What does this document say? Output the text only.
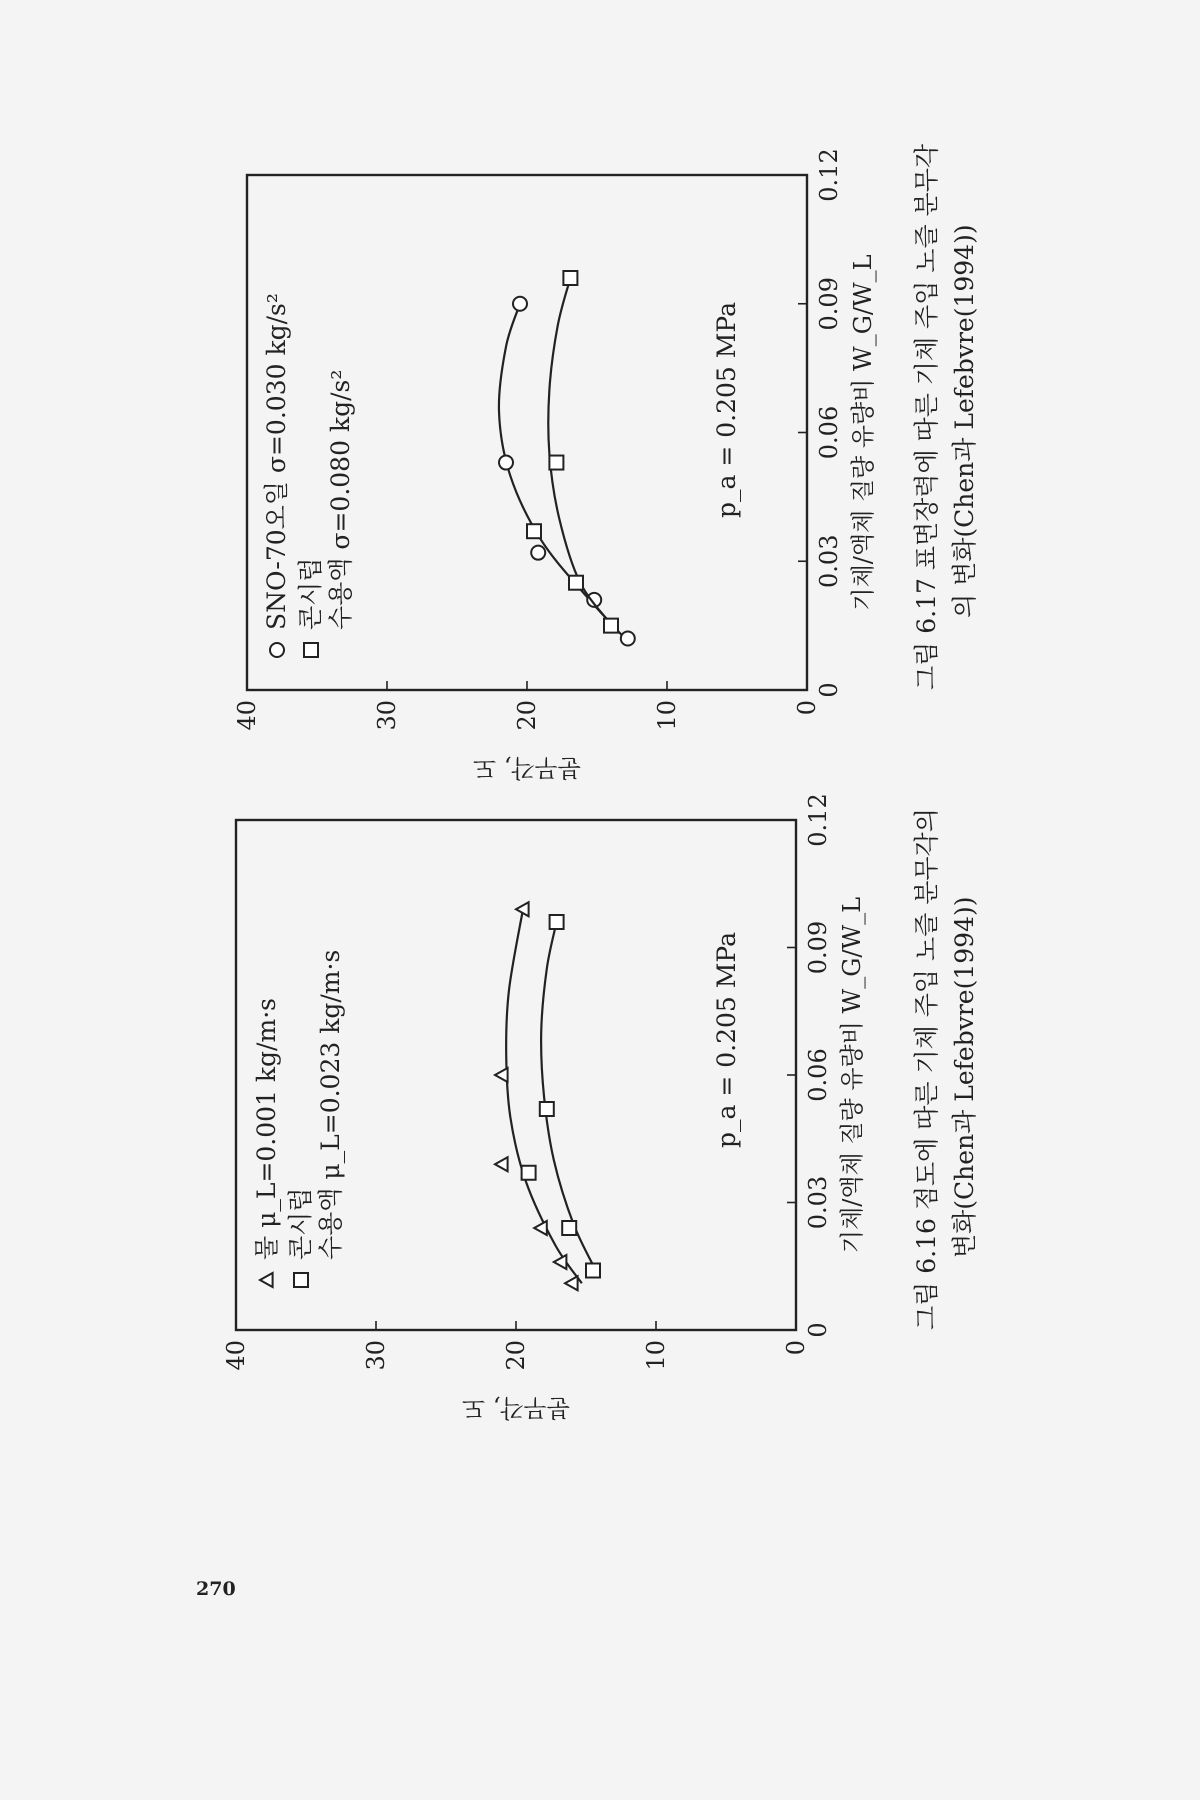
270
0
0.03
0.06
0.09
0.12
0
10
20
30
40
기체/액체 질량 유량비 W_G/W_L
분무각, 도
p_a = 0.205 MPa
물 μ_L=0.001 kg/m·s 콘시럽 수용액 μ_L=0.023 kg/m·s	그림 6.16 점도에 따른 기체 주입 노즐 분무각의 변화(Chen과 Lefebvre(1994))
0
0.03
0.06
0.09
0.12
0
10
20
30
40
기체/액체 질량 유량비 W_G/W_L
분무각, 도
p_a = 0.205 MPa
SNO-70오일 σ=0.030 kg/s² 콘시럽 수용액 σ=0.080 kg/s²	그림 6.17 표면장력에 따른 기체 주입 노즐 분무각 의 변화(Chen과 Lefebvre(1994))
